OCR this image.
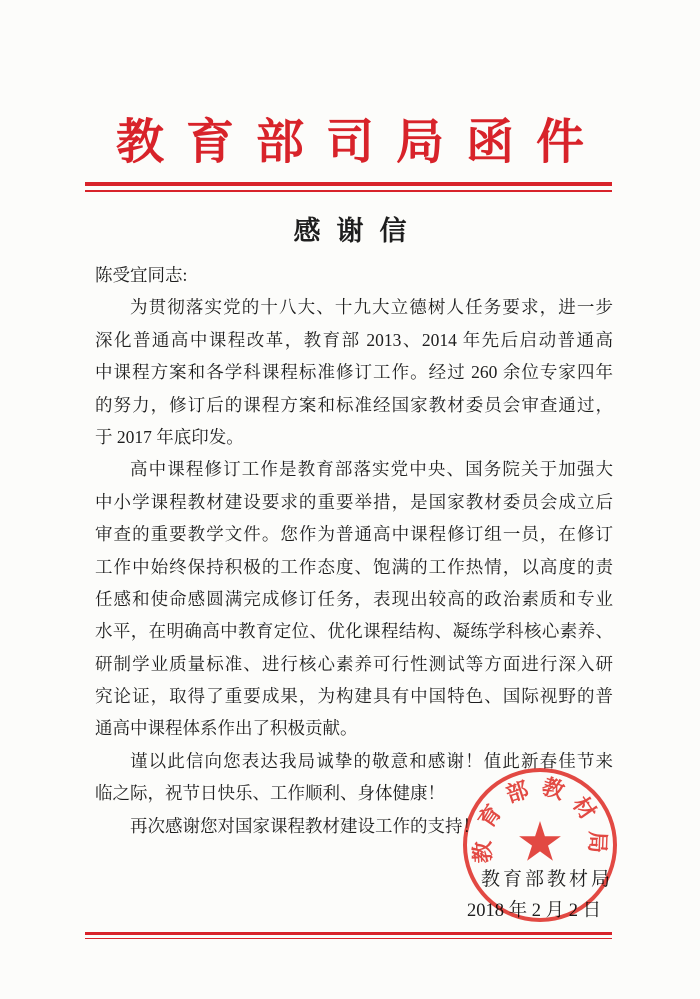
教育部司局函件
感谢信
陈受宜同志:
为贯彻落实党的十八大、十九大立德树人任务要求，进一步
深化普通高中课程改革，教育部 2013、2014 年先后启动普通高
中课程方案和各学科课程标准修订工作。经过 260 余位专家四年
的努力，修订后的课程方案和标准经国家教材委员会审查通过，
于 2017 年底印发。
高中课程修订工作是教育部落实党中央、国务院关于加强大
中小学课程教材建设要求的重要举措，是国家教材委员会成立后
审查的重要教学文件。您作为普通高中课程修订组一员，在修订
工作中始终保持积极的工作态度、饱满的工作热情，以高度的责
任感和使命感圆满完成修订任务，表现出较高的政治素质和专业
水平，在明确高中教育定位、优化课程结构、凝练学科核心素养、
研制学业质量标准、进行核心素养可行性测试等方面进行深入研
究论证，取得了重要成果，为构建具有中国特色、国际视野的普
通高中课程体系作出了积极贡献。
谨以此信向您表达我局诚挚的敬意和感谢！值此新春佳节来
临之际，祝节日快乐、工作顺利、身体健康！
再次感谢您对国家课程教材建设工作的支持！
教育部教材局
2018 年 2 月 2 日
教育部教材局
